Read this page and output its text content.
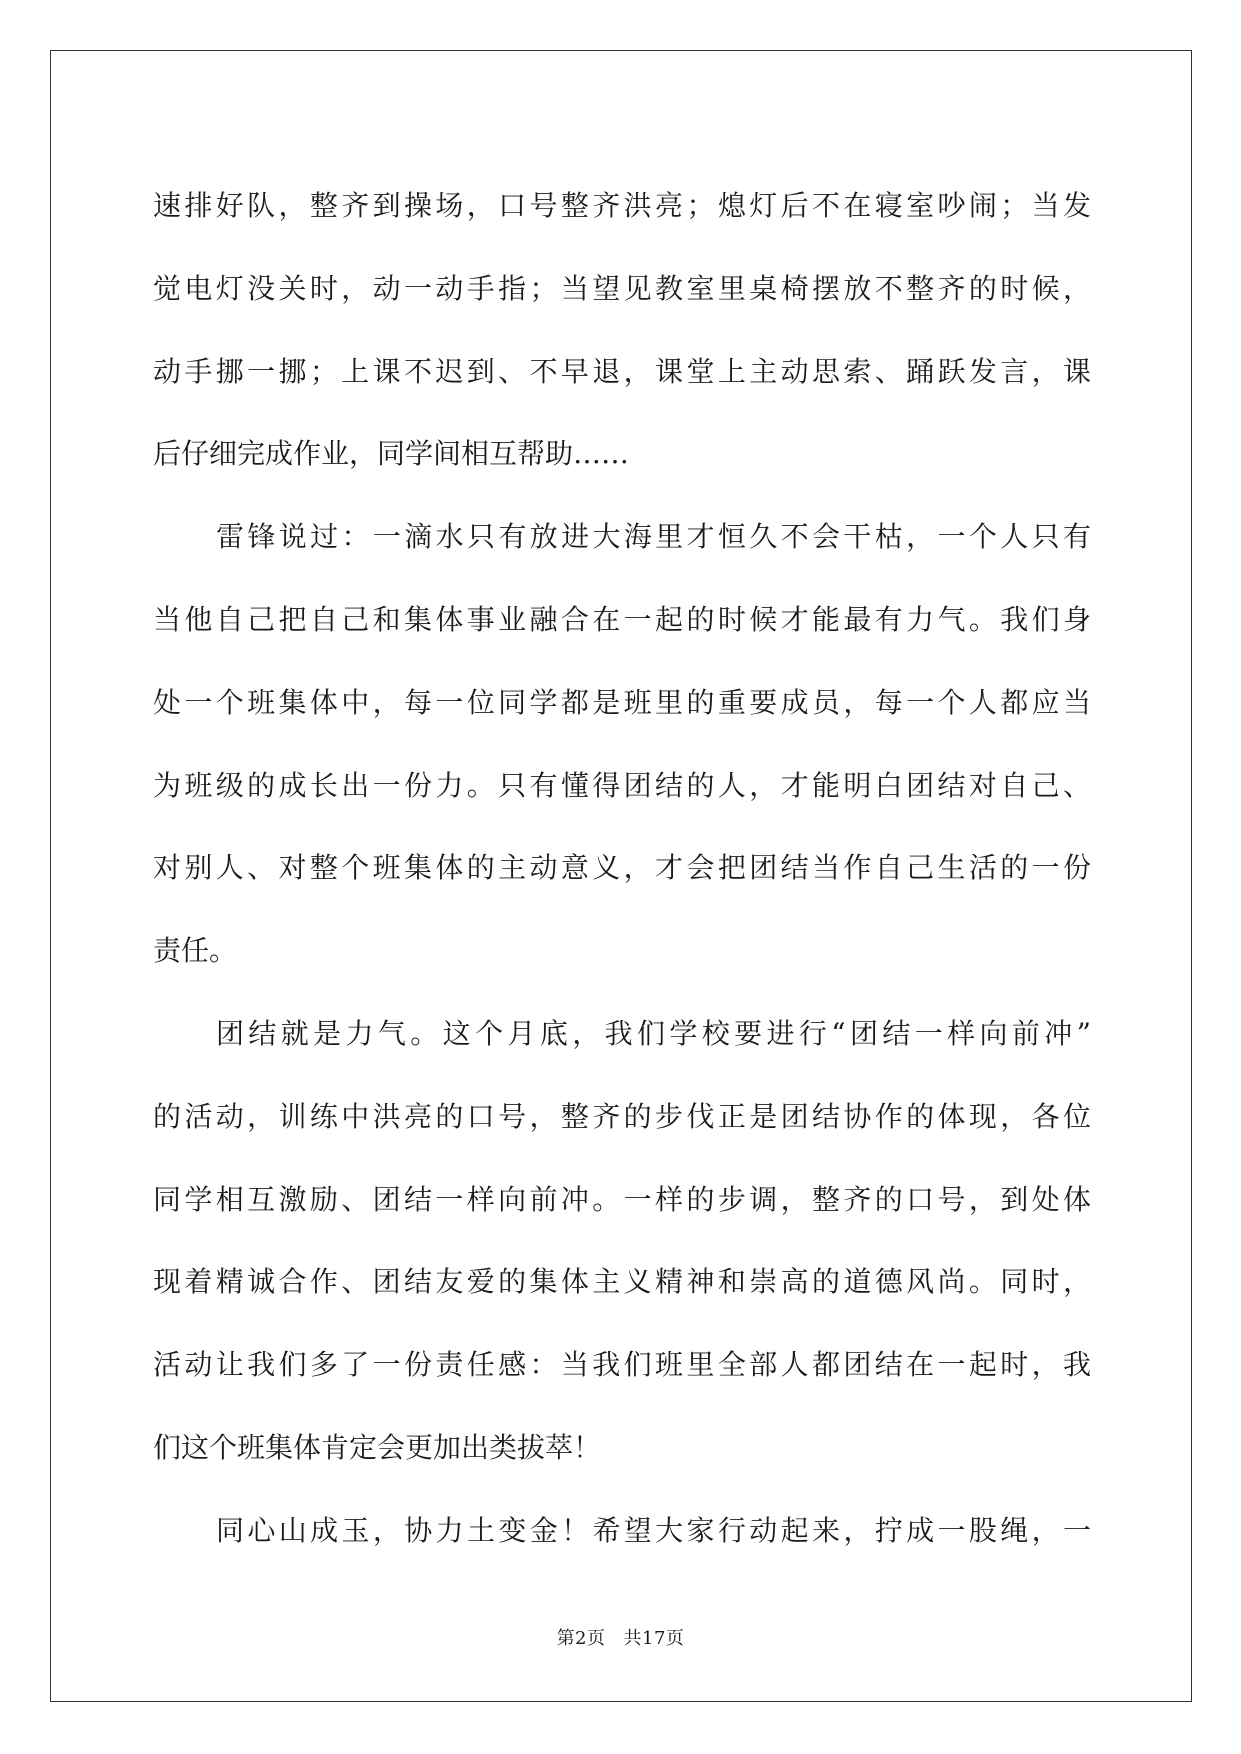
速排好队，整齐到操场，口号整齐洪亮；熄灯后不在寝室吵闹；当发
觉电灯没关时，动一动手指；当望见教室里桌椅摆放不整齐的时候，
动手挪一挪；上课不迟到、不早退，课堂上主动思索、踊跃发言，课
后仔细完成作业，同学间相互帮助……
雷锋说过：一滴水只有放进大海里才恒久不会干枯，一个人只有
当他自己把自己和集体事业融合在一起的时候才能最有力气。我们身
处一个班集体中，每一位同学都是班里的重要成员，每一个人都应当
为班级的成长出一份力。只有懂得团结的人，才能明白团结对自己、
对别人、对整个班集体的主动意义，才会把团结当作自己生活的一份
责任。
团结就是力气。这个月底，我们学校要进行“团结一样向前冲”
的活动，训练中洪亮的口号，整齐的步伐正是团结协作的体现，各位
同学相互激励、团结一样向前冲。一样的步调，整齐的口号，到处体
现着精诚合作、团结友爱的集体主义精神和崇高的道德风尚。同时，
活动让我们多了一份责任感：当我们班里全部人都团结在一起时，我
们这个班集体肯定会更加出类拔萃！
同心山成玉，协力土变金！希望大家行动起来，拧成一股绳，一
第2页 共17页
